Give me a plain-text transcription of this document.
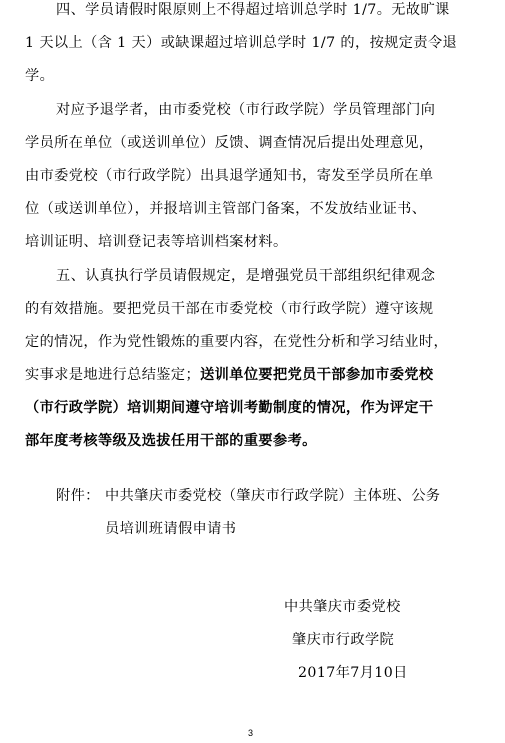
四、学员请假时限原则上不得超过培训总学时 1/7。无故旷课
1 天以上（含 1 天）或缺课超过培训总学时 1/7 的，按规定责令退
学。
对应予退学者，由市委党校（市行政学院）学员管理部门向
学员所在单位（或送训单位）反馈、调查情况后提出处理意见，
由市委党校（市行政学院）出具退学通知书，寄发至学员所在单
位（或送训单位），并报培训主管部门备案，不发放结业证书、
培训证明、培训登记表等培训档案材料。
五、认真执行学员请假规定，是增强党员干部组织纪律观念
的有效措施。要把党员干部在市委党校（市行政学院）遵守该规
定的情况，作为党性锻炼的重要内容，在党性分析和学习结业时，
实事求是地进行总结鉴定；送训单位要把党员干部参加市委党校
（市行政学院）培训期间遵守培训考勤制度的情况，作为评定干
部年度考核等级及选拔任用干部的重要参考。
附件： 中共肇庆市委党校（肇庆市行政学院）主体班、公务
员培训班请假申请书
中共肇庆市委党校
肇庆市行政学院
2017年7月10日
3
